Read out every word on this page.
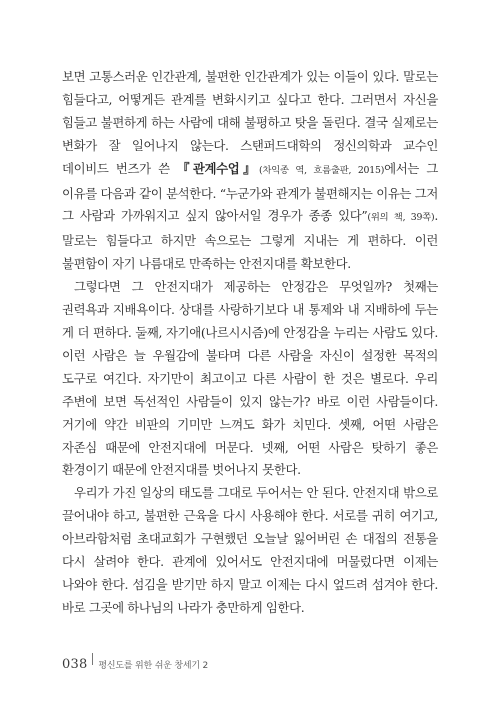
보면 고통스러운 인간관계, 불편한 인간관계가 있는 이들이 있다. 말로는 힘들다고, 어떻게든 관계를 변화시키고 싶다고 한다. 그러면서 자신을 힘들고 불편하게 하는 사람에 대해 불평하고 탓을 돌린다. 결국 실제로는 변화가 잘 일어나지 않는다. 스탠퍼드대학의 정신의학과 교수인 데이비드 번즈가 쓴 『관계수업』(차익종 역, 흐름출판, 2015)에서는 그 이유를 다음과 같이 분석한다. “누군가와 관계가 불편해지는 이유는 그저 그 사람과 가까워지고 싶지 않아서일 경우가 종종 있다”(위의 책, 39쪽). 말로는 힘들다고 하지만 속으로는 그렇게 지내는 게 편하다. 이런 불편함이 자기 나름대로 만족하는 안전지대를 확보한다.

그렇다면 그 안전지대가 제공하는 안정감은 무엇일까? 첫째는 권력욕과 지배욕이다. 상대를 사랑하기보다 내 통제와 내 지배하에 두는 게 더 편하다. 둘째, 자기애(나르시시즘)에 안정감을 누리는 사람도 있다. 이런 사람은 늘 우월감에 불타며 다른 사람을 자신이 설정한 목적의 도구로 여긴다. 자기만이 최고이고 다른 사람이 한 것은 별로다. 우리 주변에 보면 독선적인 사람들이 있지 않는가? 바로 이런 사람들이다. 거기에 약간 비판의 기미만 느껴도 화가 치민다. 셋째, 어떤 사람은 자존심 때문에 안전지대에 머문다. 넷째, 어떤 사람은 탓하기 좋은 환경이기 때문에 안전지대를 벗어나지 못한다.

우리가 가진 일상의 태도를 그대로 두어서는 안 된다. 안전지대 밖으로 끌어내야 하고, 불편한 근육을 다시 사용해야 한다. 서로를 귀히 여기고, 아브라함처럼 초대교회가 구현했던 오늘날 잃어버린 손 대접의 전통을 다시 살려야 한다. 관계에 있어서도 안전지대에 머물렀다면 이제는 나와야 한다. 섬김을 받기만 하지 말고 이제는 다시 엎드려 섬겨야 한다. 바로 그곳에 하나님의 나라가 충만하게 임한다.

038 평신도를 위한 쉬운 창세기 2
